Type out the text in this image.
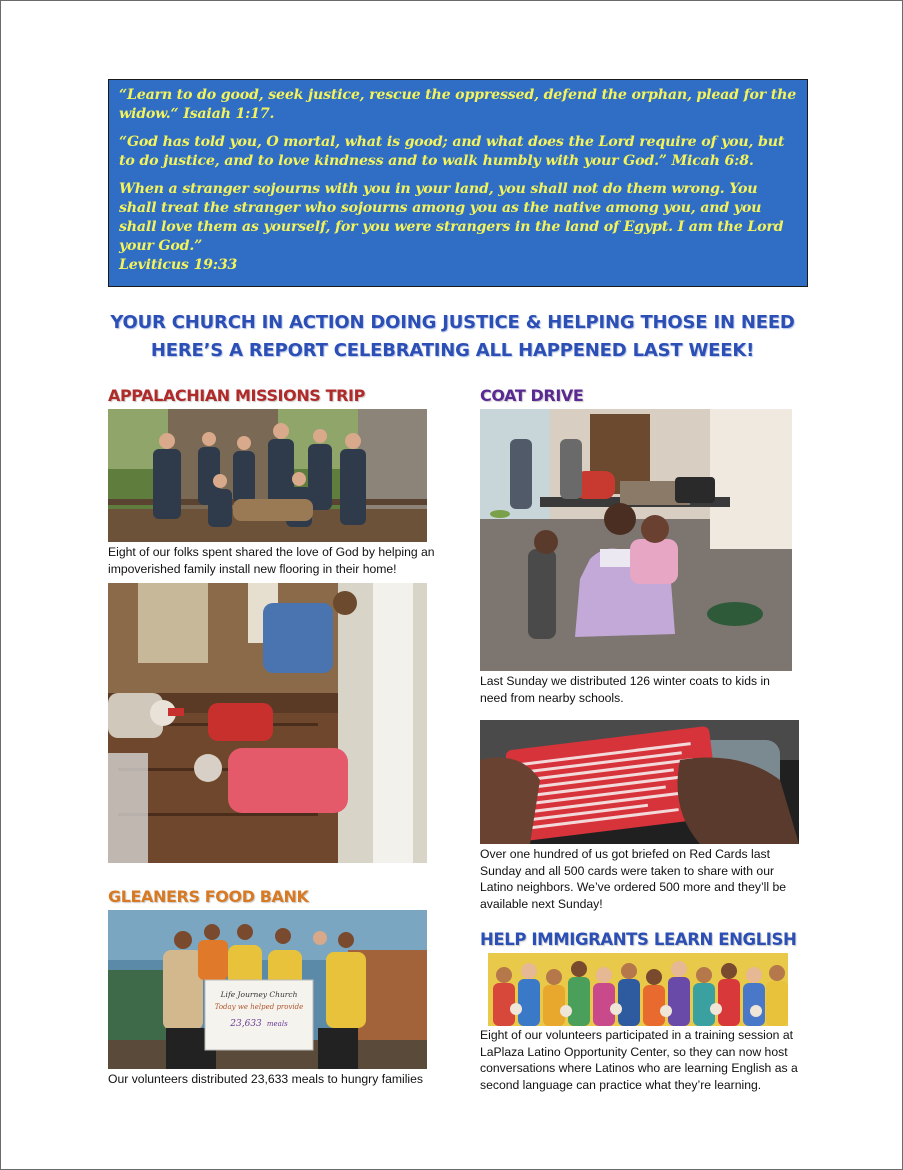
“Learn to do good, seek justice, rescue the oppressed, defend the orphan, plead for the widow.“ Isaiah 1:17.

“God has told you, O mortal, what is good; and what does the Lord require of you, but to do justice, and to love kindness and to walk humbly with your God.” Micah 6:8.

When a stranger sojourns with you in your land, you shall not do them wrong. You shall treat the stranger who sojourns among you as the native among you, and you shall love them as yourself, for you were strangers in the land of Egypt. I am the Lord your God.”

Leviticus 19:33

YOUR CHURCH IN ACTION DOING JUSTICE & HELPING THOSE IN NEED
HERE’S A REPORT CELEBRATING ALL HAPPENED LAST WEEK!
APPALACHIAN MISSIONS TRIP
Eight of our folks spent shared the love of God by helping an impoverished family install new flooring in their home!
GLEANERS FOOD BANK
Life Journey Church
Today we helped provide
23,633 meals
Our volunteers distributed 23,633 meals to hungry families
COAT DRIVE
Last Sunday we distributed 126 winter coats to kids in need from nearby schools.
Over one hundred of us got briefed on Red Cards last Sunday and all 500 cards were taken to share with our Latino neighbors. We’ve ordered 500 more and they’ll be available next Sunday!
HELP IMMIGRANTS LEARN ENGLISH
Eight of our volunteers participated in a training session at LaPlaza Latino Opportunity Center, so they can now host conversations where Latinos who are learning English as a second language can practice what they’re learning.
